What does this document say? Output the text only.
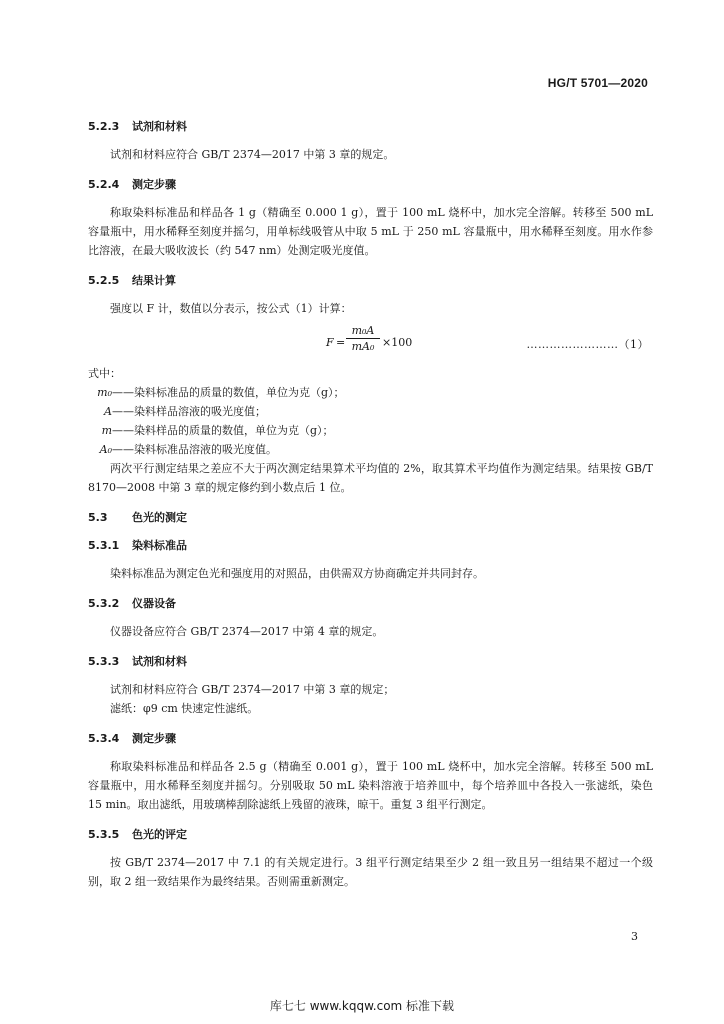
HG/T 5701—2020
5.2.3 试剂和材料

试剂和材料应符合 GB/T 2374—2017 中第 3 章的规定。

5.2.4 测定步骤

称取染料标准品和样品各 1 g（精确至 0.000 1 g），置于 100 mL 烧杯中，加水完全溶解。转移至 500 mL 容量瓶中，用水稀释至刻度并摇匀，用单标线吸管从中取 5 mL 于 250 mL 容量瓶中，用水稀释至刻度。用水作参比溶液，在最大吸收波长（约 547 nm）处测定吸光度值。

5.2.5 结果计算

强度以 F 计，数值以分表示，按公式（1）计算：

F =
m₀A
mA₀ ×100	……………………（1）

式中：

m₀——染料标准品的质量的数值，单位为克（g）；
A——染料样品溶液的吸光度值；
m——染料样品的质量的数值，单位为克（g）；
A₀——染料标准品溶液的吸光度值。

两次平行测定结果之差应不大于两次测定结果算术平均值的 2%，取其算术平均值作为测定结果。结果按 GB/T 8170—2008 中第 3 章的规定修约到小数点后 1 位。

5.3 色光的测定
5.3.1 染料标准品

染料标准品为测定色光和强度用的对照品，由供需双方协商确定并共同封存。

5.3.2 仪器设备

仪器设备应符合 GB/T 2374—2017 中第 4 章的规定。

5.3.3 试剂和材料

试剂和材料应符合 GB/T 2374—2017 中第 3 章的规定；

滤纸：φ9 cm 快速定性滤纸。

5.3.4 测定步骤

称取染料标准品和样品各 2.5 g（精确至 0.001 g），置于 100 mL 烧杯中，加水完全溶解。转移至 500 mL 容量瓶中，用水稀释至刻度并摇匀。分别吸取 50 mL 染料溶液于培养皿中，每个培养皿中各投入一张滤纸，染色 15 min。取出滤纸，用玻璃棒刮除滤纸上残留的液珠，晾干。重复 3 组平行测定。

5.3.5 色光的评定

按 GB/T 2374—2017 中 7.1 的有关规定进行。3 组平行测定结果至少 2 组一致且另一组结果不超过一个级别，取 2 组一致结果作为最终结果。否则需重新测定。

3
库七七 www.kqqw.com 标准下载
